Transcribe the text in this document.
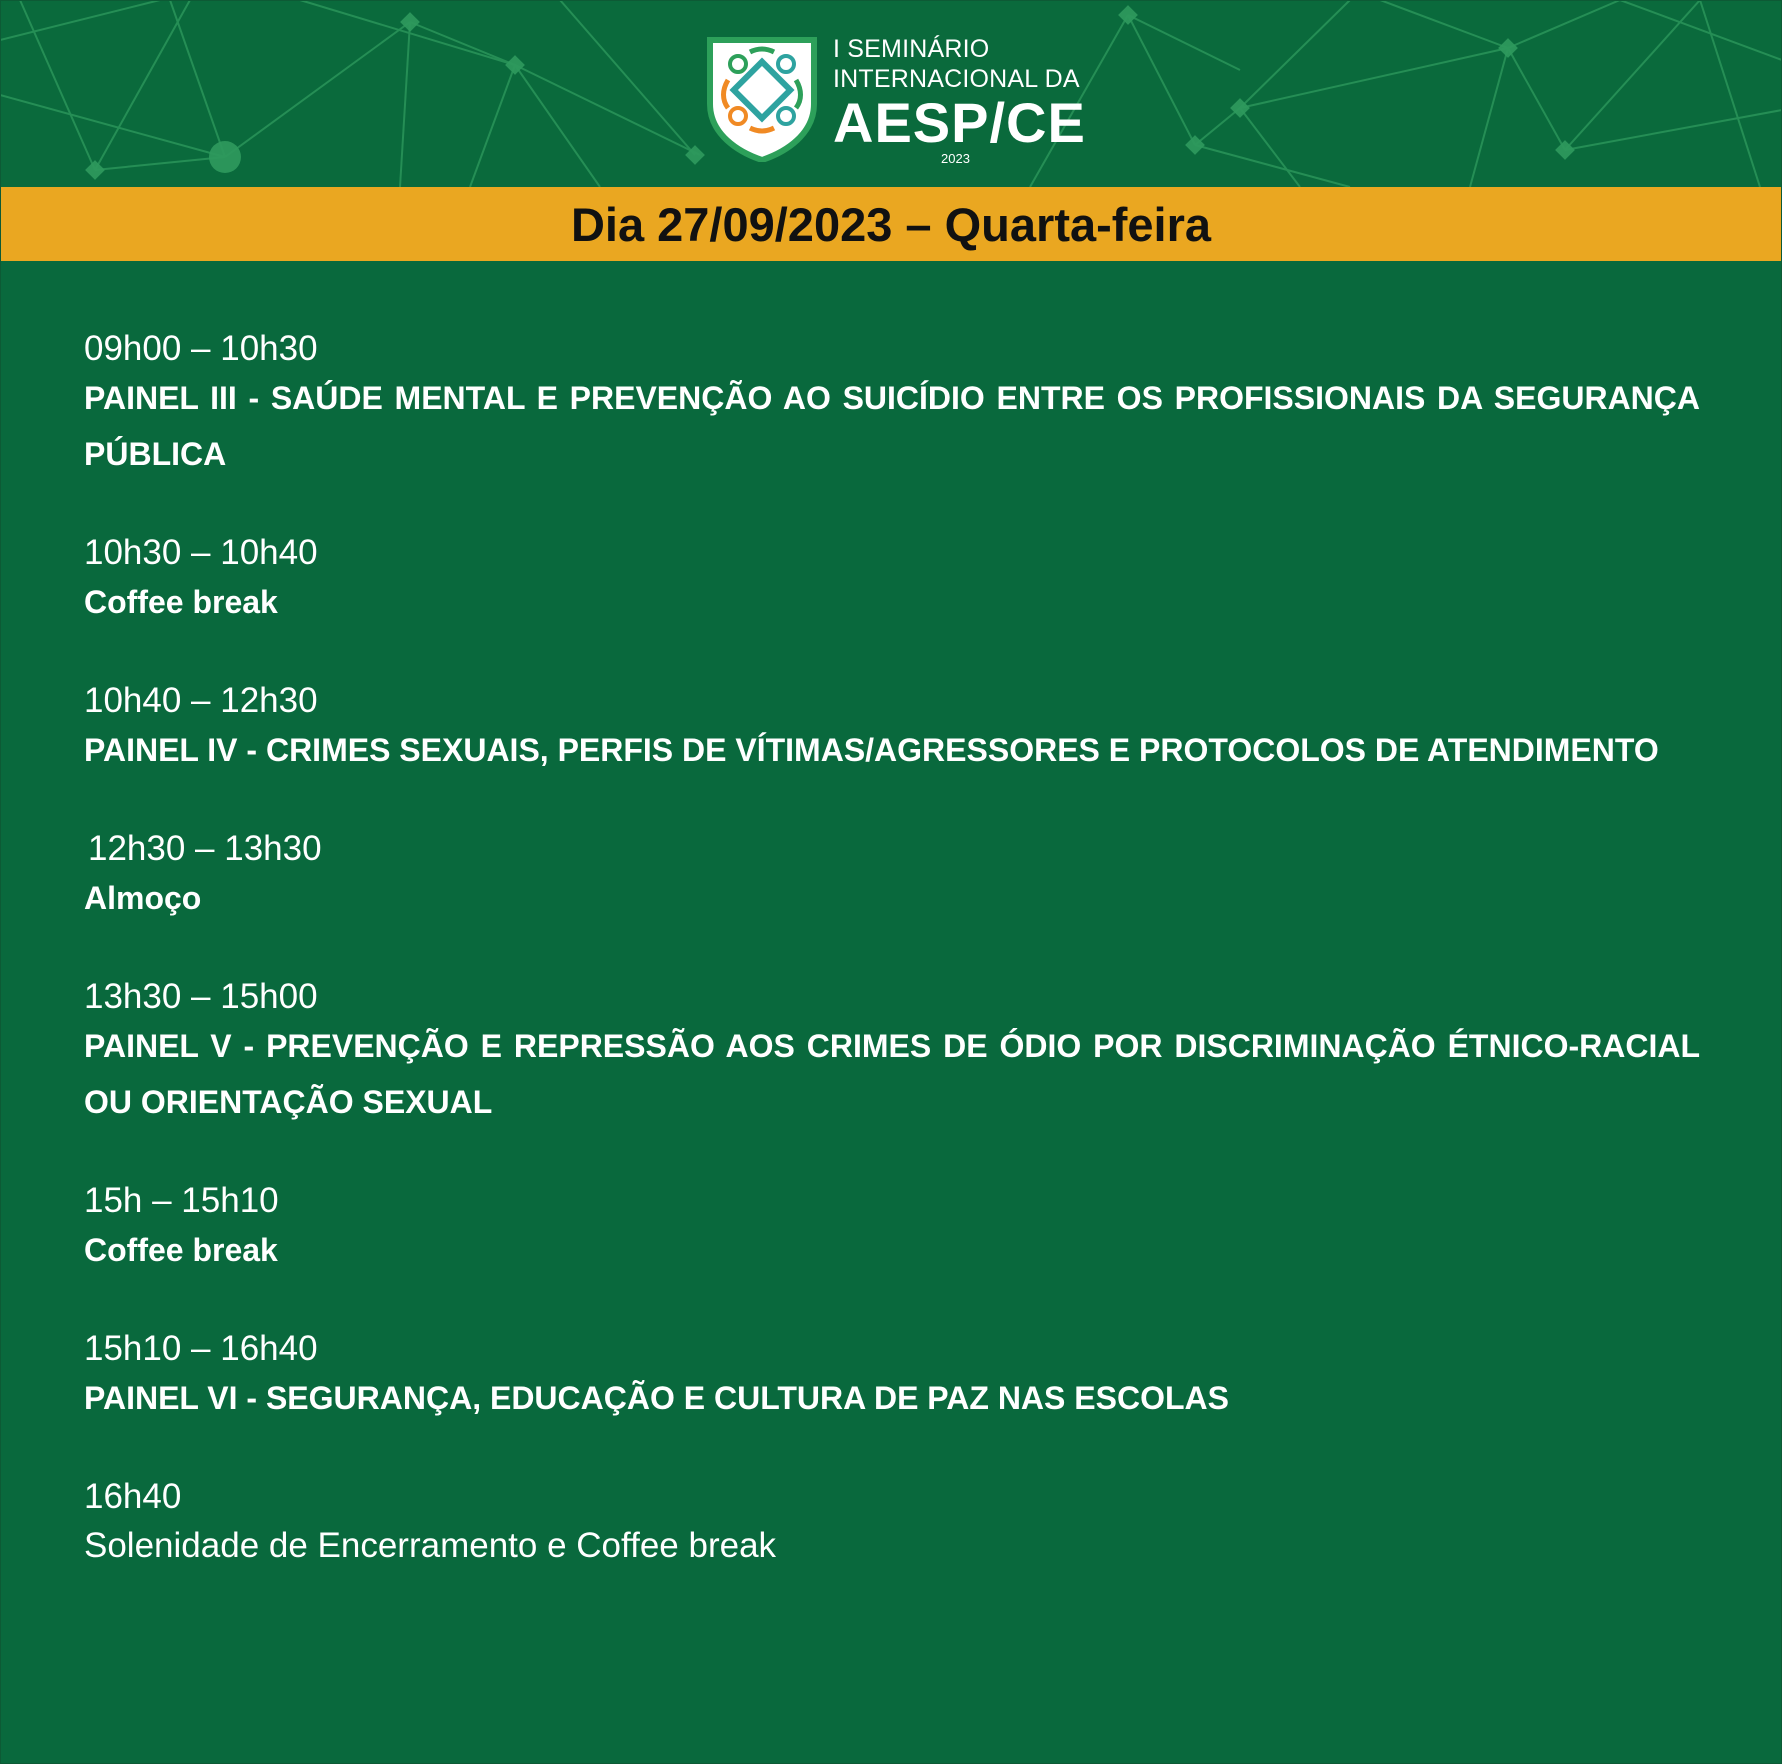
I SEMINÁRIO
INTERNACIONAL DA
AESP/CE
2023
Dia 27/09/2023 – Quarta-feira
09h00 – 10h30
PAINEL III - SAÚDE MENTAL E PREVENÇÃO AO SUICÍDIO ENTRE OS PROFISSIONAIS DA SEGURANÇA PÚBLICA
10h30 – 10h40
Coffee break
10h40 – 12h30
PAINEL IV - CRIMES SEXUAIS, PERFIS DE VÍTIMAS/AGRESSORES E PROTOCOLOS DE ATENDIMENTO
12h30 – 13h30
Almoço
13h30 – 15h00
PAINEL V - PREVENÇÃO E REPRESSÃO AOS CRIMES DE ÓDIO POR DISCRIMINAÇÃO ÉTNICO-RACIAL OU ORIENTAÇÃO SEXUAL
15h – 15h10
Coffee break
15h10 – 16h40
PAINEL VI - SEGURANÇA, EDUCAÇÃO E CULTURA DE PAZ NAS ESCOLAS
16h40
Solenidade de Encerramento e Coffee break
